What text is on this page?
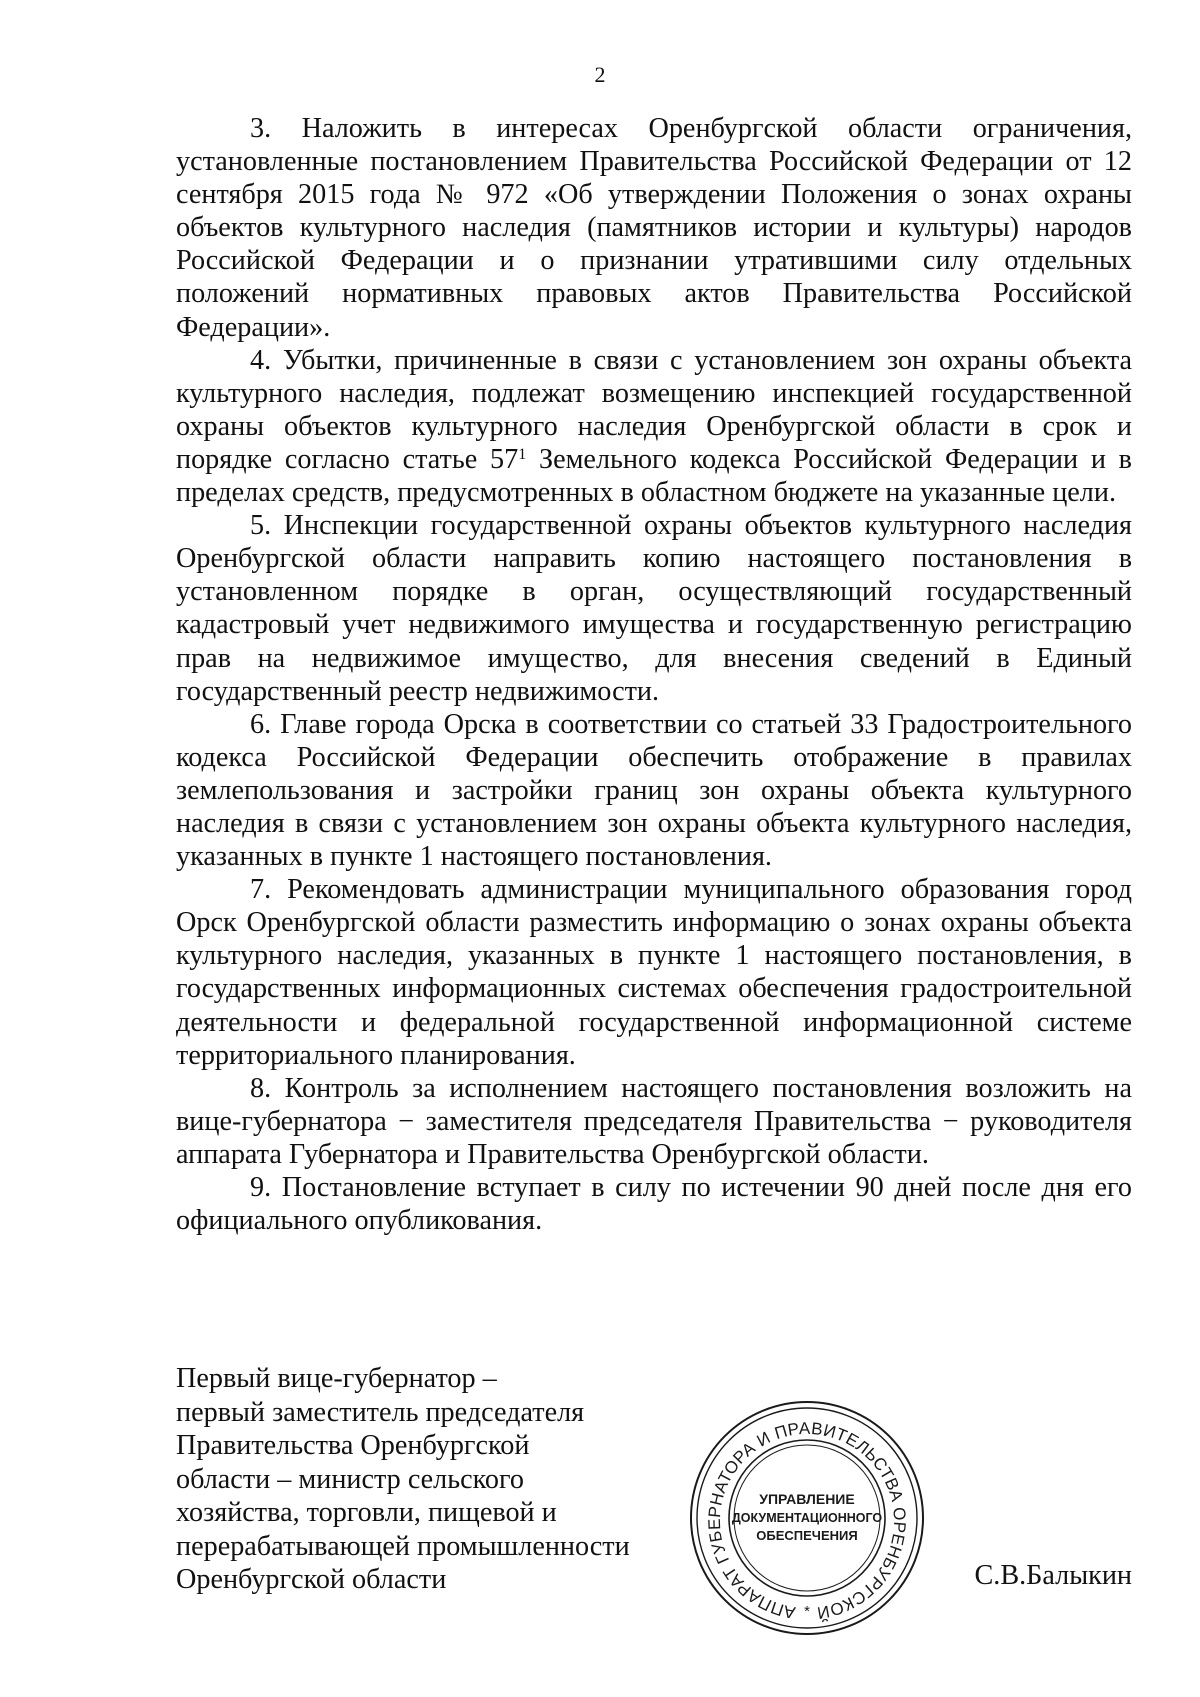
2

3. Наложить в интересах Оренбургской области ограничения, установленные постановлением Правительства Российской Федерации от 12 сентября 2015 года № 972 «Об утверждении Положения о зонах охраны объектов культурного наследия (памятников истории и культуры) народов Российской Федерации и о признании утратившими силу отдельных положений нормативных правовых актов Правительства Российской Федерации».

4. Убытки, причиненные в связи с установлением зон охраны объекта культурного наследия, подлежат возмещению инспекцией государственной охраны объектов культурного наследия Оренбургской области в срок и порядке согласно статье $57^1$ Земельного кодекса Российской Федерации и в пределах средств, предусмотренных в областном бюджете на указанные цели.

5. Инспекции государственной охраны объектов культурного наследия Оренбургской области направить копию настоящего постановления в установленном порядке в орган, осуществляющий государственный кадастровый учет недвижимого имущества и государственную регистрацию прав на недвижимое имущество, для внесения сведений в Единый государственный реестр недвижимости.

6. Главе города Орска в соответствии со статьей 33 Градостроительного кодекса Российской Федерации обеспечить отображение в правилах землепользования и застройки границ зон охраны объекта культурного наследия в связи с установлением зон охраны объекта культурного наследия, указанных в пункте 1 настоящего постановления.

7. Рекомендовать администрации муниципального образования город Орск Оренбургской области разместить информацию о зонах охраны объекта культурного наследия, указанных в пункте 1 настоящего постановления, в государственных информационных системах обеспечения градостроительной деятельности и федеральной государственной информационной системе территориального планирования.

8. Контроль за исполнением настоящего постановления возложить на вице-губернатора − заместителя председателя Правительства − руководителя аппарата Губернатора и Правительства Оренбургской области.

9. Постановление вступает в силу по истечении 90 дней после дня его официального опубликования.

Первый вице-губернатор –
первый заместитель председателя
Правительства Оренбургской
области – министр сельского
хозяйства, торговли, пищевой и
перерабатывающей промышленности
Оренбургской области
АППАРАТ ГУБЕРНАТОРА И ПРАВИТЕЛЬСТВА ОРЕНБУРГСКОЙ
*
УПРАВЛЕНИЕ
ДОКУМЕНТАЦИОННОГО
ОБЕСПЕЧЕНИЯ
С.В.Балыкин
